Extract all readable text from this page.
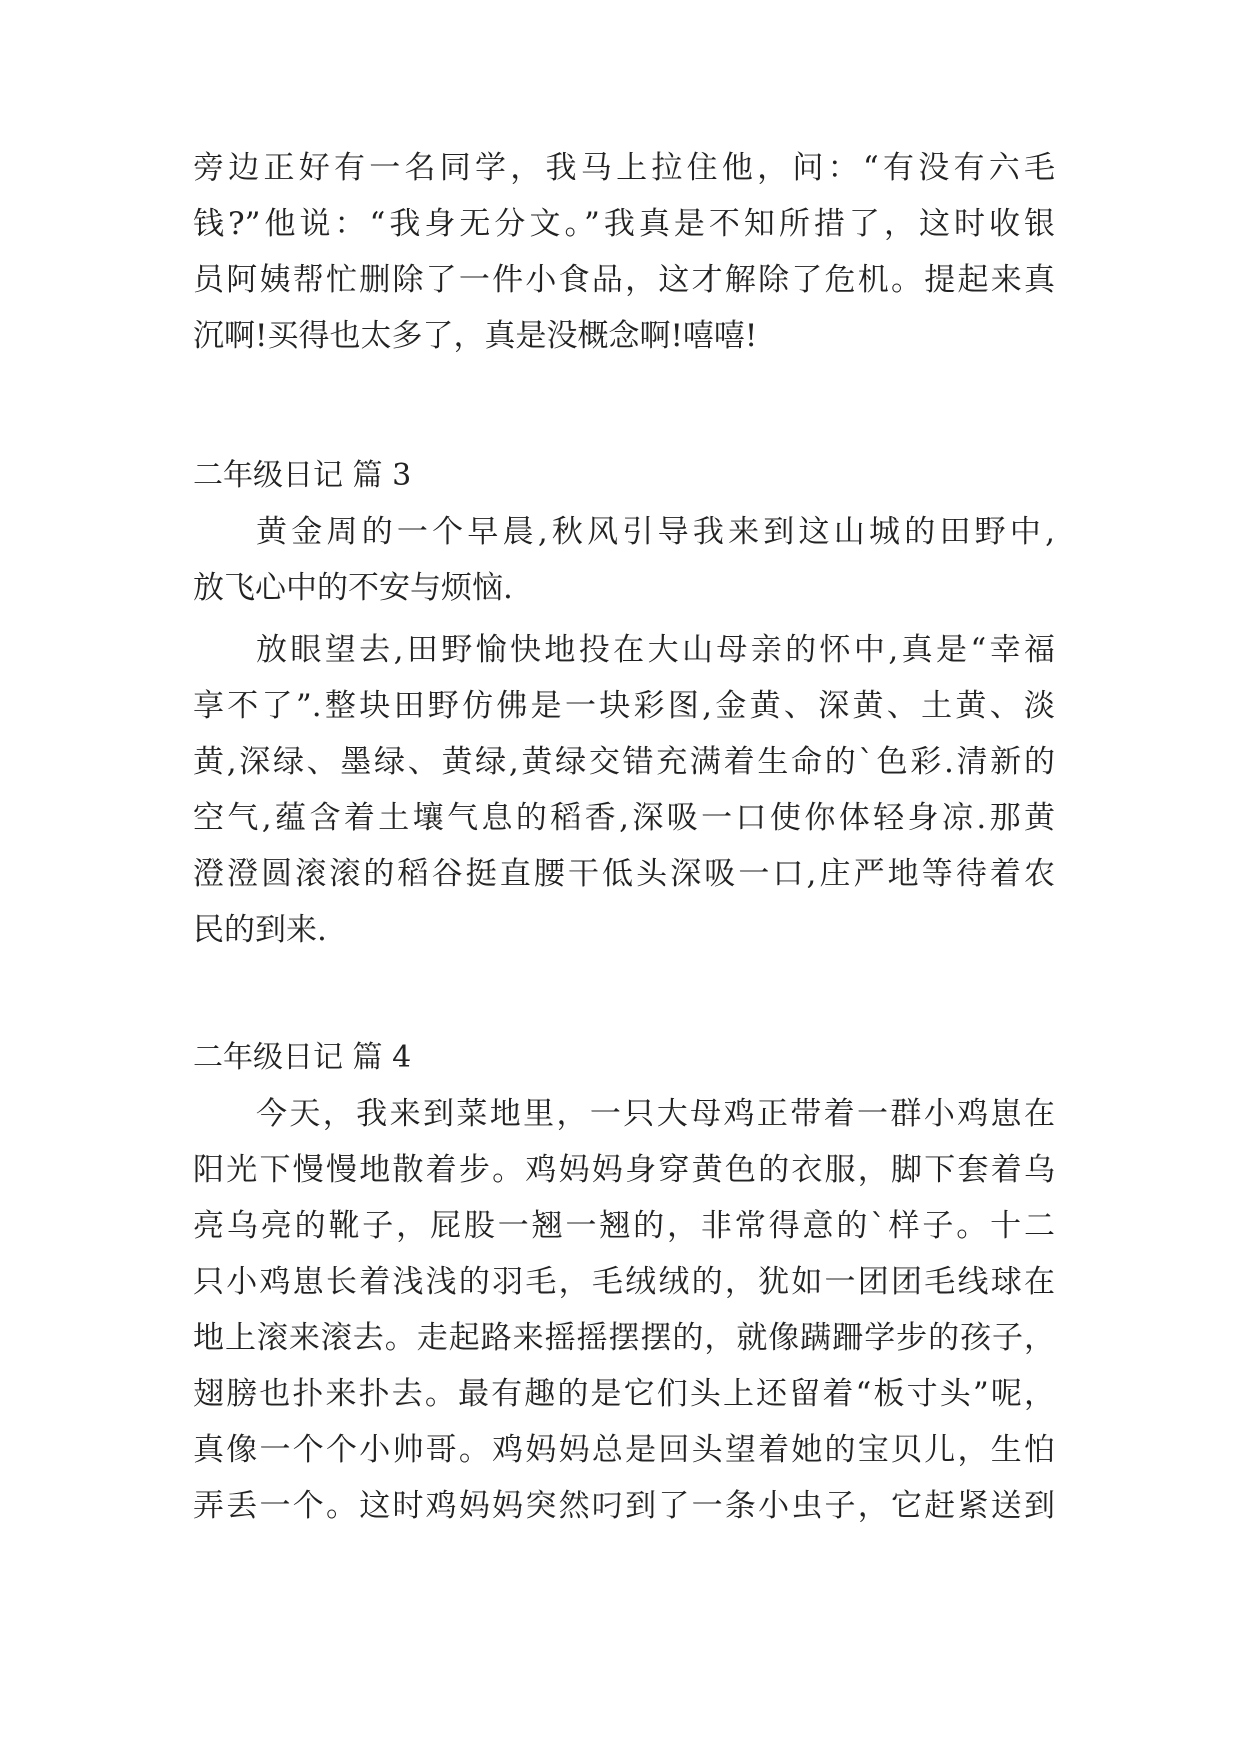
旁边正好有一名同学，我马上拉住他，问：“有没有六毛
钱?”他说：“我身无分文。”我真是不知所措了，这时收银
员阿姨帮忙删除了一件小食品，这才解除了危机。提起来真
沉啊!买得也太多了，真是没概念啊!嘻嘻!
二年级日记 篇 3
黄金周的一个早晨,秋风引导我来到这山城的田野中,
放飞心中的不安与烦恼.
放眼望去,田野愉快地投在大山母亲的怀中,真是“幸福
享不了”.整块田野仿佛是一块彩图,金黄、深黄、土黄、淡
黄,深绿、墨绿、黄绿,黄绿交错充满着生命的`色彩.清新的
空气,蕴含着土壤气息的稻香,深吸一口使你体轻身凉.那黄
澄澄圆滚滚的稻谷挺直腰干低头深吸一口,庄严地等待着农
民的到来.
二年级日记 篇 4
今天，我来到菜地里，一只大母鸡正带着一群小鸡崽在
阳光下慢慢地散着步。鸡妈妈身穿黄色的衣服，脚下套着乌
亮乌亮的靴子，屁股一翘一翘的，非常得意的`样子。十二
只小鸡崽长着浅浅的羽毛，毛绒绒的，犹如一团团毛线球在
地上滚来滚去。走起路来摇摇摆摆的，就像蹒跚学步的孩子，
翅膀也扑来扑去。最有趣的是它们头上还留着“板寸头”呢，
真像一个个小帅哥。鸡妈妈总是回头望着她的宝贝儿，生怕
弄丢一个。这时鸡妈妈突然叼到了一条小虫子，它赶紧送到
